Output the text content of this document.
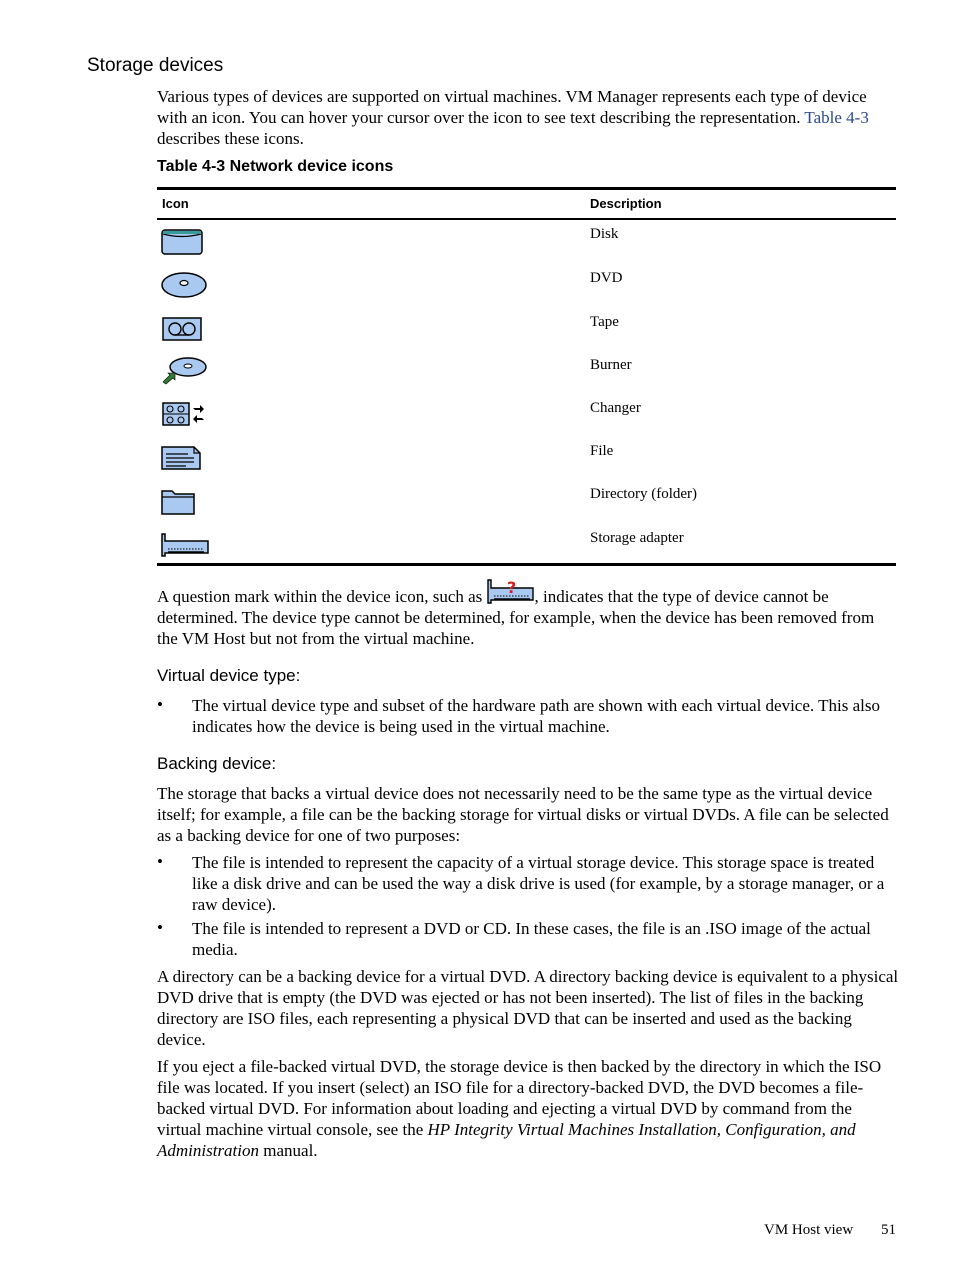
Storage devices

Various types of devices are supported on virtual machines. VM Manager represents each type of device with an icon. You can hover your cursor over the icon to see text describing the representation. Table 4-3 describes these icons.

Table 4-3 Network device icons
Icon	Description
Disk
DVD
Tape
Burner
Changer
File
Directory (folder)
Storage adapter

A question mark within the device icon, such as ? , indicates that the type of device cannot be determined. The device type cannot be determined, for example, when the device has been removed from the VM Host but not from the virtual machine.

Virtual device type:
• The virtual device type and subset of the hardware path are shown with each virtual device. This also indicates how the device is being used in the virtual machine.
Backing device:

The storage that backs a virtual device does not necessarily need to be the same type as the virtual device itself; for example, a file can be the backing storage for virtual disks or virtual DVDs. A file can be selected as a backing device for one of two purposes:

• The file is intended to represent the capacity of a virtual storage device. This storage space is treated like a disk drive and can be used the way a disk drive is used (for example, by a storage manager, or a raw device).
• The file is intended to represent a DVD or CD. In these cases, the file is an .ISO image of the actual media.

A directory can be a backing device for a virtual DVD. A directory backing device is equivalent to a physical DVD drive that is empty (the DVD was ejected or has not been inserted). The list of files in the backing directory are ISO files, each representing a physical DVD that can be inserted and used as the backing device.

If you eject a file-backed virtual DVD, the storage device is then backed by the directory in which the ISO file was located. If you insert (select) an ISO file for a directory-backed DVD, the DVD becomes a file-backed virtual DVD. For information about loading and ejecting a virtual DVD by command from the virtual machine virtual console, see the HP Integrity Virtual Machines Installation, Configuration, and Administration manual.

VM Host view 51
